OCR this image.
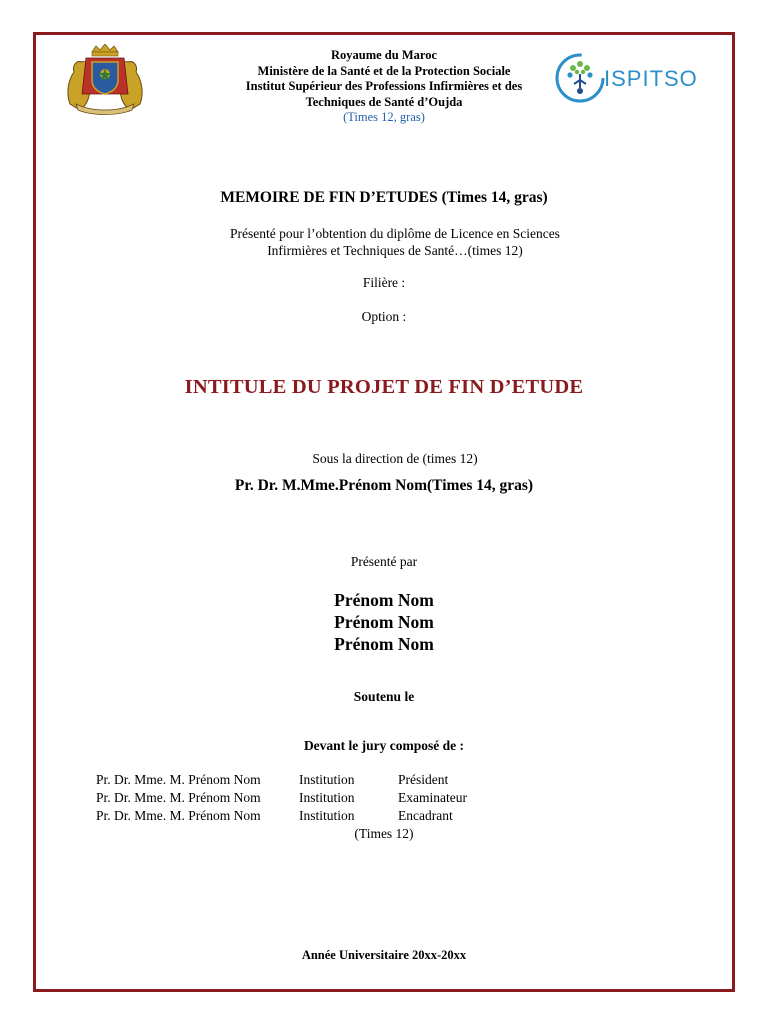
ISPITSO
Royaume du Maroc
Ministère de la Santé et de la Protection Sociale
Institut Supérieur des Professions Infirmières et des
Techniques de Santé d’Oujda
(Times 12, gras)
MEMOIRE DE FIN D’ETUDES (Times 14, gras)
Présenté pour l’obtention du diplôme de Licence en Sciences
Infirmières et Techniques de Santé…(times 12)
Filière :
Option :
INTITULE DU PROJET DE FIN D’ETUDE
Sous la direction de (times 12)
Pr. Dr. M.Mme.Prénom Nom(Times 14, gras)
Présenté par
Prénom Nom
Prénom Nom
Prénom Nom
Soutenu le
Devant le jury composé de :
Pr. Dr. Mme. M. Prénom Nom	Institution	Président
Pr. Dr. Mme. M. Prénom Nom	Institution	Examinateur
Pr. Dr. Mme. M. Prénom Nom	Institution	Encadrant
(Times 12)
Année Universitaire 20xx-20xx
